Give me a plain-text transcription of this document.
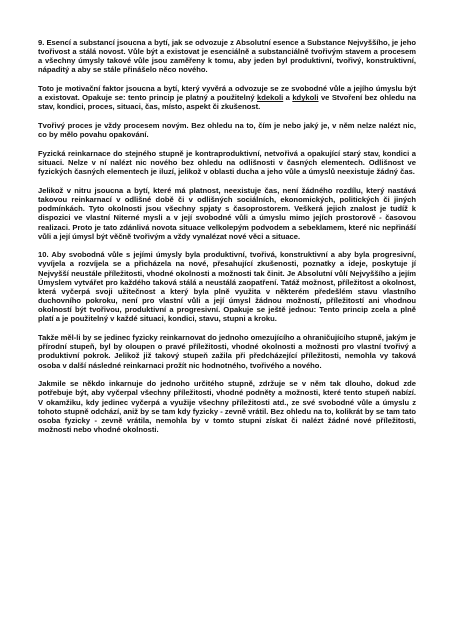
9. Esencí a substancí jsoucna a bytí, jak se odvozuje z Absolutní esence a Substance Nejvyššího, je jeho tvořivost a stálá novost. Vůle být a existovat je esenciálně a substanciálně tvořivým stavem a procesem a všechny úmysly takové vůle jsou zaměřeny k tomu, aby jeden byl produktivní, tvořivý, konstruktivní, nápaditý a aby se stále přinášelo něco nového.

Toto je motivační faktor jsoucna a bytí, který vyvěrá a odvozuje se ze svobodné vůle a jejího úmyslu být a existovat. Opakuje se: tento princip je platný a použitelný kdekoli a kdykoli ve Stvoření bez ohledu na stav, kondici, proces, situaci, čas, místo, aspekt či zkušenost.

Tvořivý proces je vždy procesem novým. Bez ohledu na to, čím je nebo jaký je, v něm nelze nalézt nic, co by mělo povahu opakování.

Fyzická reinkarnace do stejného stupně je kontraproduktivní, netvořivá a opakující starý stav, kondici a situaci. Nelze v ní nalézt nic nového bez ohledu na odlišnosti v časných elementech. Odlišnost ve fyzických časných elementech je iluzí, jelikož v oblasti ducha a jeho vůle a úmyslů neexistuje žádný čas.

Jelikož v nitru jsoucna a bytí, které má platnost, neexistuje čas, není žádného rozdílu, který nastává takovou reinkarnací v odlišné době či v odlišných sociálních, ekonomických, politických či jiných podmínkách. Tyto okolnosti jsou všechny spjaty s časoprostorem. Veškerá jejich znalost je tudíž k dispozici ve vlastní Niterné mysli a v její svobodné vůli a úmyslu mimo jejích prostorově - časovou realizaci. Proto je tato zdánlivá novota situace velkolepým podvodem a sebeklamem, které nic nepřináší vůli a její úmysl být věčně tvořivým a vždy vynalézat nové věci a situace.

10. Aby svobodná vůle s jejími úmysly byla produktivní, tvořivá, konstruktivní a aby byla progresivní, vyvíjela a rozvíjela se a přicházela na nové, přesahující zkušenosti, poznatky a ideje, poskytuje jí Nejvyšší neustále příležitosti, vhodné okolnosti a možnosti tak činit. Je Absolutní vůlí Nejvyššího a jejím Úmyslem vytvářet pro každého taková stálá a neustálá zaopatření. Tatáž možnost, příležitost a okolnost, která vyčerpá svoji užitečnost a který byla plně využita v některém předešlém stavu vlastního duchovního pokroku, není pro vlastní vůli a její úmysl žádnou možností, příležitostí ani vhodnou okolností být tvořivou, produktivní a progresivní. Opakuje se ještě jednou: Tento princip zcela a plně platí a je použitelný v každé situaci, kondici, stavu, stupni a kroku.

Takže měl-li by se jedinec fyzicky reinkarnovat do jednoho omezujícího a ohraničujícího stupně, jakým je přírodní stupeň, byl by oloupen o pravé příležitosti, vhodné okolnosti a možnosti pro vlastní tvořivý a produktivní pokrok. Jelikož již takový stupeň zažila při předcházející příležitosti, nemohla vy taková osoba v další následné reinkarnaci prožít nic hodnotného, tvořivého a nového.

Jakmile se někdo inkarnuje do jednoho určitého stupně, zdržuje se v něm tak dlouho, dokud zde potřebuje být, aby vyčerpal všechny příležitosti, vhodné podněty a možnosti, které tento stupeň nabízí. V okamžiku, kdy jedinec vyčerpá a využije všechny příležitosti atd., ze své svobodné vůle a úmyslu z tohoto stupně odchází, aniž by se tam kdy fyzicky - zevně vrátil. Bez ohledu na to, kolikrát by se tam tato osoba fyzicky - zevně vrátila, nemohla by v tomto stupni získat či nalézt žádné nové příležitosti, možnosti nebo vhodné okolnosti.
